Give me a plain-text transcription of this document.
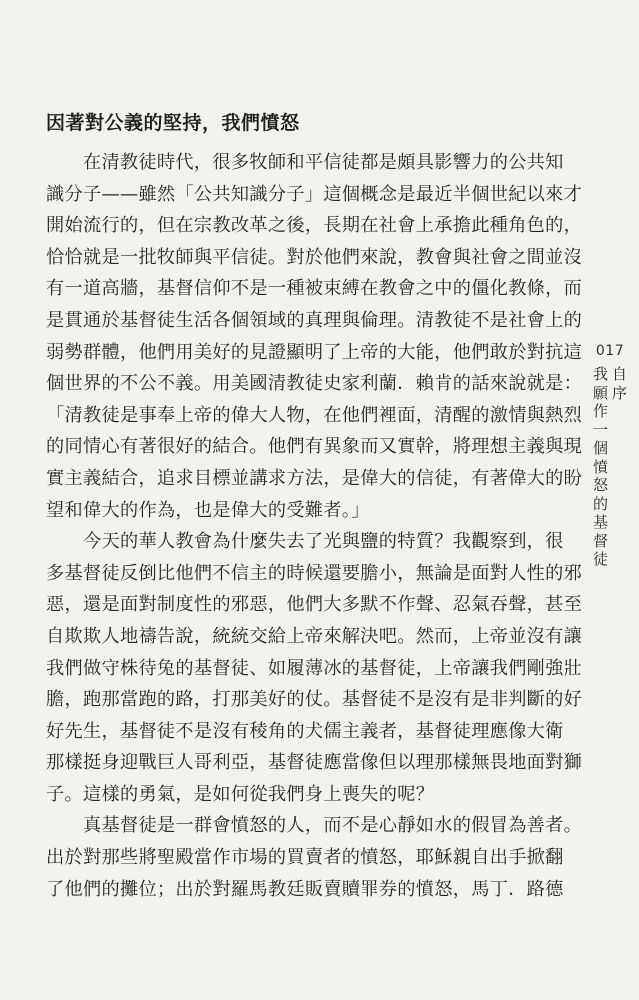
因著對公義的堅持，我們憤怒
　　在清教徒時代，很多牧師和平信徒都是頗具影響力的公共知
識分子——雖然「公共知識分子」這個概念是最近半個世紀以來才
開始流行的，但在宗教改革之後，長期在社會上承擔此種角色的，
恰恰就是一批牧師與平信徒。對於他們來說，教會與社會之間並沒
有一道高牆，基督信仰不是一種被束縛在教會之中的僵化教條，而
是貫通於基督徒生活各個領域的真理與倫理。清教徒不是社會上的
弱勢群體，他們用美好的見證顯明了上帝的大能，他們敢於對抗這
個世界的不公不義。用美國清教徒史家利蘭．賴肯的話來說就是：
「清教徒是事奉上帝的偉大人物，在他們裡面，清醒的激情與熱烈
的同情心有著很好的結合。他們有異象而又實幹，將理想主義與現
實主義結合，追求目標並講求方法，是偉大的信徒，有著偉大的盼
望和偉大的作為，也是偉大的受難者。」
　　今天的華人教會為什麼失去了光與鹽的特質？我觀察到，很
多基督徒反倒比他們不信主的時候還要膽小，無論是面對人性的邪
惡，還是面對制度性的邪惡，他們大多默不作聲、忍氣吞聲，甚至
自欺欺人地禱告說，統統交給上帝來解決吧。然而，上帝並沒有讓
我們做守株待兔的基督徒、如履薄冰的基督徒，上帝讓我們剛強壯
膽，跑那當跑的路，打那美好的仗。基督徒不是沒有是非判斷的好
好先生，基督徒不是沒有稜角的犬儒主義者，基督徒理應像大衛
那樣挺身迎戰巨人哥利亞，基督徒應當像但以理那樣無畏地面對獅
子。這樣的勇氣，是如何從我們身上喪失的呢？
　　真基督徒是一群會憤怒的人，而不是心靜如水的假冒為善者。
出於對那些將聖殿當作市場的買賣者的憤怒，耶穌親自出手掀翻
了他們的攤位；出於對羅馬教廷販賣贖罪券的憤怒，馬丁．路德
017
自
序
我
願
作
一
個
憤
怒
的
基
督
徒
